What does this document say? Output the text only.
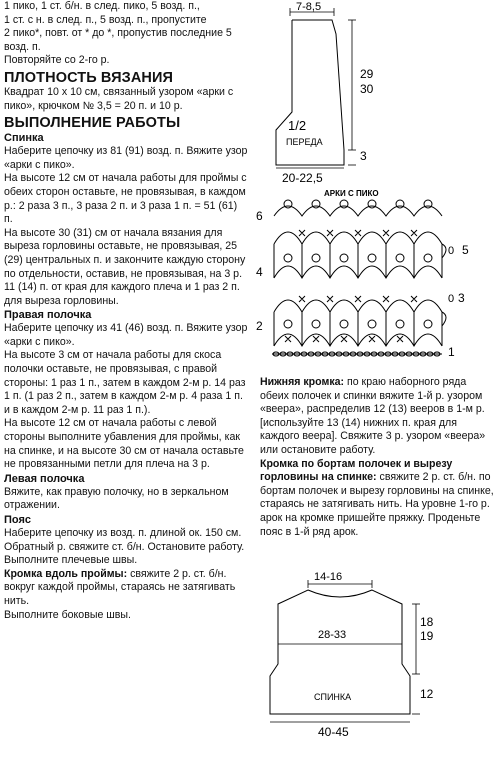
1 пико, 1 ст. б/н. в след. пико, 5 возд. п.,

1 ст. с н. в след. п., 5 возд. п., пропустите

2 пико*, повт. от * до *, пропустив последние 5 возд. п.

Повторяйте со 2-го р.

ПЛОТНОСТЬ ВЯЗАНИЯ

Квадрат 10 х 10 см, связанный узором «арки с пико», крючком № 3,5 = 20 п. и 10 р.

ВЫПОЛНЕНИЕ РАБОТЫ

Спинка

Наберите цепочку из 81 (91) возд. п. Вяжите узор «арки с пико».

На высоте 12 см от начала работы для проймы с обеих сторон оставьте, не провязывая, в каждом р.: 2 раза 3 п., 3 раза 2 п. и 3 раза 1 п. = 51 (61) п.

На высоте 30 (31) см от начала вязания для выреза горловины оставьте, не провязывая, 25 (29) центральных п. и закончите каждую сторону по отдельности, оставив, не провязывая, на 3 р. 11 (14) п. от края для каждого плеча и 1 раз 2 п. для выреза горловины.

Правая полочка

Наберите цепочку из 41 (46) возд. п. Вяжите узор «арки с пико».

На высоте 3 см от начала работы для скоса полочки оставьте, не провязывая, с правой стороны: 1 раз 1 п., затем в каждом 2-м р. 14 раз 1 п. (1 раз 2 п., затем в каждом 2-м р. 4 раза 1 п. и в каждом 2-м р. 11 раз 1 п.).

На высоте 12 см от начала работы с левой стороны выполните убавления для проймы, как на спинке, и на высоте 30 см от начала оставьте не провязанными петли для плеча на 3 р.

Левая полочка

Вяжите, как правую полочку, но в зеркальном отражении.

Пояс

Наберите цепочку из возд. п. длиной ок. 150 см.

Обратный р. свяжите ст. б/н. Остановите работу.

Выполните плечевые швы.

Кромка вдоль проймы: свяжите 2 р. ст. б/н. вокруг каждой проймы, стараясь не затягивать нить.

Выполните боковые швы.

7-8,5
29
30
3
1/2
ПЕРЕДА
20-22,5
АРКИ С ПИКО
6
4
2
0 5
0 3
1

Нижняя кромка: по краю наборного ряда обеих полочек и спинки вяжите 1-й р. узором «веера», распределив 12 (13) вееров в 1-м р. [используйте 13 (14) нижних п. края для каждого веера]. Свяжите 3 р. узором «веера» или остановите работу.

Кромка по бортам полочек и вырезу горловины на спинке: свяжите 2 р. ст. б/н. по бортам полочек и вырезу горловины на спинке, стараясь не затягивать нить. На уровне 1-го р. арок на кромке пришейте пряжку. Проденьте пояс в 1-й ряд арок.

14-16
28-33
18
19
12
СПИНКА
40-45
